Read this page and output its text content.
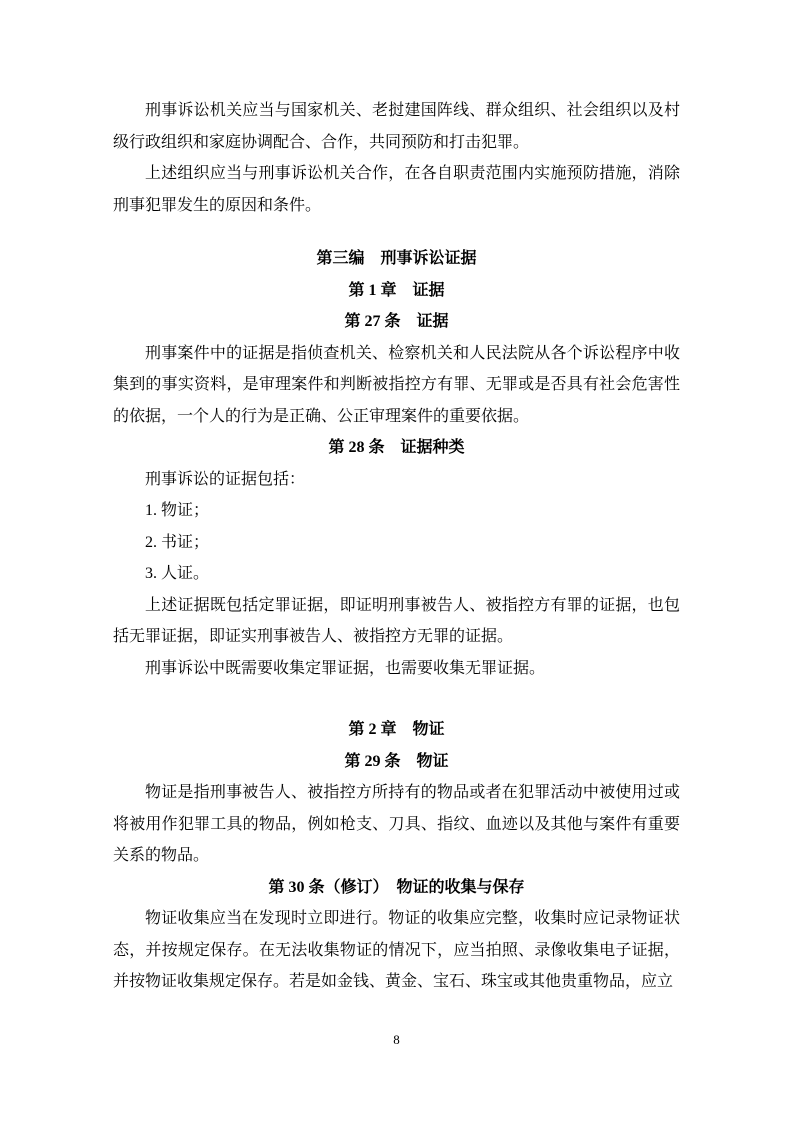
刑事诉讼机关应当与国家机关、老挝建国阵线、群众组织、社会组织以及村级行政组织和家庭协调配合、合作，共同预防和打击犯罪。

上述组织应当与刑事诉讼机关合作，在各自职责范围内实施预防措施，消除刑事犯罪发生的原因和条件。

第三编　刑事诉讼证据

第 1 章　证据

第 27 条　证据

刑事案件中的证据是指侦查机关、检察机关和人民法院从各个诉讼程序中收集到的事实资料，是审理案件和判断被指控方有罪、无罪或是否具有社会危害性的依据，一个人的行为是正确、公正审理案件的重要依据。

第 28 条　证据种类

刑事诉讼的证据包括：

1. 物证；

2. 书证；

3. 人证。

上述证据既包括定罪证据，即证明刑事被告人、被指控方有罪的证据，也包括无罪证据，即证实刑事被告人、被指控方无罪的证据。

刑事诉讼中既需要收集定罪证据，也需要收集无罪证据。

第 2 章　物证

第 29 条　物证

物证是指刑事被告人、被指控方所持有的物品或者在犯罪活动中被使用过或将被用作犯罪工具的物品，例如枪支、刀具、指纹、血迹以及其他与案件有重要关系的物品。

第 30 条（修订）　物证的收集与保存

物证收集应当在发现时立即进行。物证的收集应完整，收集时应记录物证状态，并按规定保存。在无法收集物证的情况下，应当拍照、录像收集电子证据，并按物证收集规定保存。若是如金钱、黄金、宝石、珠宝或其他贵重物品，应立

8
